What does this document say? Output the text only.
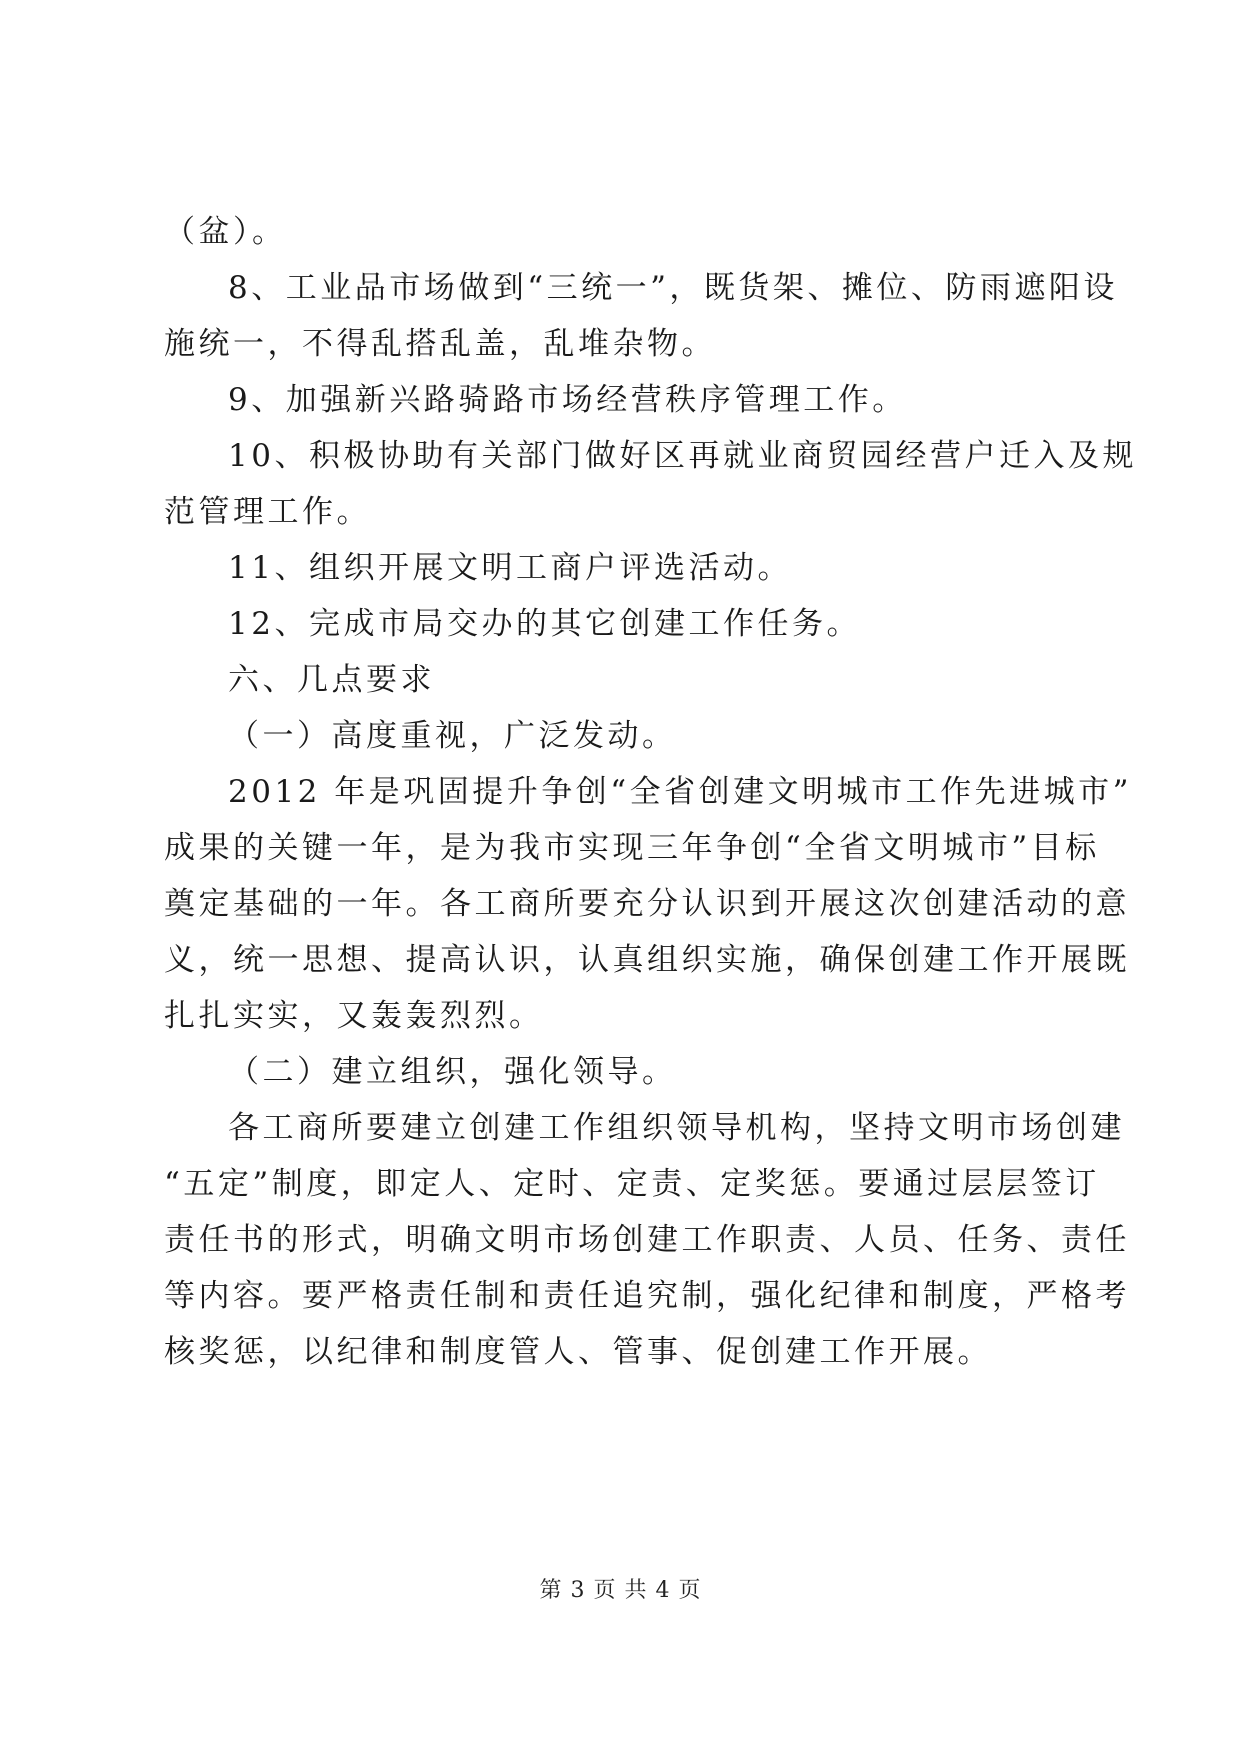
（盆）。

8、工业品市场做到“三统一”，既货架、摊位、防雨遮阳设

施统一，不得乱搭乱盖，乱堆杂物。

9、加强新兴路骑路市场经营秩序管理工作。

10、积极协助有关部门做好区再就业商贸园经营户迁入及规

范管理工作。

11、组织开展文明工商户评选活动。

12、完成市局交办的其它创建工作任务。

六、几点要求

（一）高度重视，广泛发动。

2012 年是巩固提升争创“全省创建文明城市工作先进城市”

成果的关键一年，是为我市实现三年争创“全省文明城市”目标

奠定基础的一年。各工商所要充分认识到开展这次创建活动的意

义，统一思想、提高认识，认真组织实施，确保创建工作开展既

扎扎实实，又轰轰烈烈。

（二）建立组织，强化领导。

各工商所要建立创建工作组织领导机构，坚持文明市场创建

“五定”制度，即定人、定时、定责、定奖惩。要通过层层签订

责任书的形式，明确文明市场创建工作职责、人员、任务、责任

等内容。要严格责任制和责任追究制，强化纪律和制度，严格考

核奖惩，以纪律和制度管人、管事、促创建工作开展。

第 3 页 共 4 页
